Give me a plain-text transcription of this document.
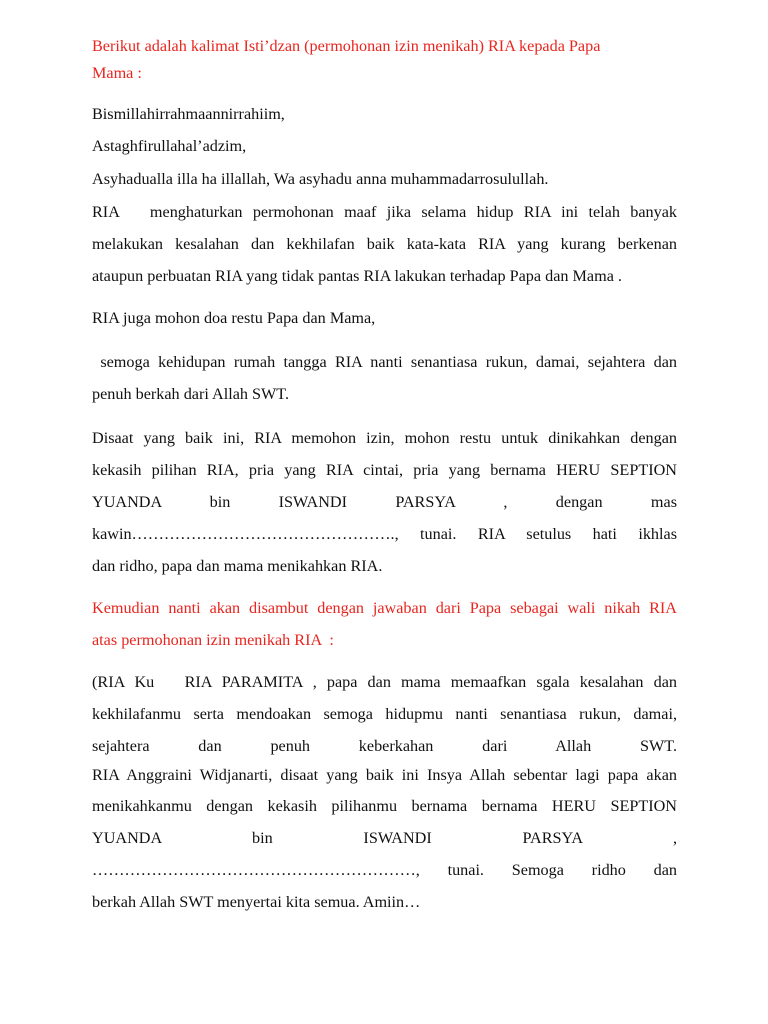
Berikut adalah kalimat Isti’dzan (permohonan izin menikah) RIA kepada Papa
Mama :
Bismillahirrahmaannirrahiim,
Astaghfirullahal’adzim,
Asyhadualla illa ha illallah, Wa asyhadu anna muhammadarrosulullah.
RIA   menghaturkan permohonan maaf jika selama hidup RIA ini telah banyak
melakukan kesalahan dan kekhilafan baik kata-kata RIA yang kurang berkenan
ataupun perbuatan RIA yang tidak pantas RIA lakukan terhadap Papa dan Mama .
RIA juga mohon doa restu Papa dan Mama,
semoga kehidupan rumah tangga RIA nanti senantiasa rukun, damai, sejahtera dan
penuh berkah dari Allah SWT.
Disaat yang baik ini, RIA memohon izin, mohon restu untuk dinikahkan dengan
kekasih pilihan RIA, pria yang RIA cintai, pria yang bernama HERU SEPTION
YUANDA bin ISWANDI PARSYA , dengan mas
kawin…………………………………………., tunai. RIA setulus hati ikhlas
dan ridho, papa dan mama menikahkan RIA.
Kemudian nanti akan disambut dengan jawaban dari Papa sebagai wali nikah RIA
atas permohonan izin menikah RIA  :
(RIA Ku   RIA PARAMITA , papa dan mama memaafkan sgala kesalahan dan
kekhilafanmu serta mendoakan semoga hidupmu nanti senantiasa rukun, damai,
sejahtera dan penuh keberkahan dari Allah SWT.
RIA Anggraini Widjanarti, disaat yang baik ini Insya Allah sebentar lagi papa akan
menikahkanmu dengan kekasih pilihanmu bernama bernama HERU SEPTION
YUANDA bin ISWANDI PARSYA ,
……………………………………………………, tunai. Semoga ridho dan
berkah Allah SWT menyertai kita semua. Amiin…
